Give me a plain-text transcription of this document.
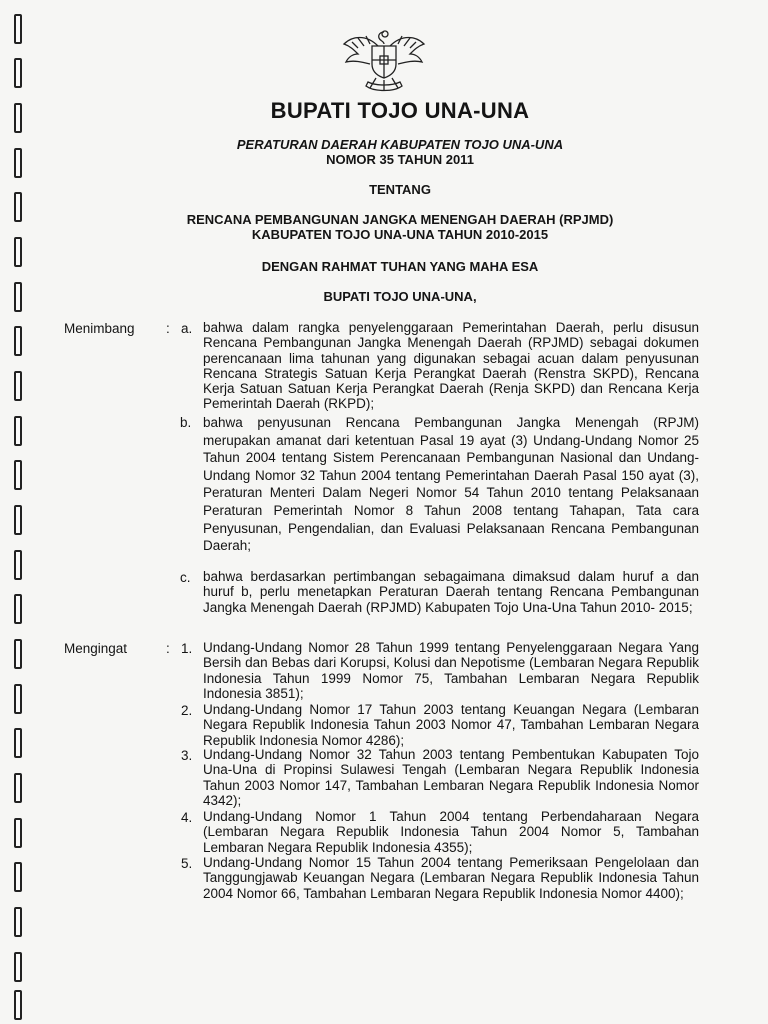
BUPATI TOJO UNA-UNA
PERATURAN DAERAH KABUPATEN TOJO UNA-UNA
NOMOR 35 TAHUN 2011
TENTANG
RENCANA PEMBANGUNAN JANGKA MENENGAH DAERAH (RPJMD)
KABUPATEN TOJO UNA-UNA TAHUN 2010-2015
DENGAN RAHMAT TUHAN YANG MAHA ESA
BUPATI TOJO UNA-UNA,
Menimbang : a. bahwa dalam rangka penyelenggaraan Pemerintahan Daerah, perlu disusun Rencana Pembangunan Jangka Menengah Daerah (RPJMD) sebagai dokumen perencanaan lima tahunan yang digunakan sebagai acuan dalam penyusunan Rencana Strategis Satuan Kerja Perangkat Daerah (Renstra SKPD), Rencana Kerja Satuan Satuan Kerja Perangkat Daerah (Renja SKPD) dan Rencana Kerja Pemerintah Daerah (RKPD);
b. bahwa penyusunan Rencana Pembangunan Jangka Menengah (RPJM) merupakan amanat dari ketentuan Pasal 19 ayat (3) Undang-Undang Nomor 25 Tahun 2004 tentang Sistem Perencanaan Pembangunan Nasional dan Undang-Undang Nomor 32 Tahun 2004 tentang Pemerintahan Daerah Pasal 150 ayat (3), Peraturan Menteri Dalam Negeri Nomor 54 Tahun 2010 tentang Pelaksanaan Peraturan Pemerintah Nomor 8 Tahun 2008 tentang Tahapan, Tata cara Penyusunan, Pengendalian, dan Evaluasi Pelaksanaan Rencana Pembangunan Daerah;
c. bahwa berdasarkan pertimbangan sebagaimana dimaksud dalam huruf a dan huruf b, perlu menetapkan Peraturan Daerah tentang Rencana Pembangunan Jangka Menengah Daerah (RPJMD) Kabupaten Tojo Una-Una Tahun 2010- 2015;
Mengingat	: 1. Undang-Undang Nomor 28 Tahun 1999 tentang Penyelenggaraan Negara Yang Bersih dan Bebas dari Korupsi, Kolusi dan Nepotisme (Lembaran Negara Republik Indonesia Tahun 1999 Nomor 75, Tambahan Lembaran Negara Republik Indonesia 3851);
2. Undang-Undang Nomor 17 Tahun 2003 tentang Keuangan Negara (Lembaran Negara Republik Indonesia Tahun 2003 Nomor 47, Tambahan Lembaran Negara Republik Indonesia Nomor 4286);
3. Undang-Undang Nomor 32 Tahun 2003 tentang Pembentukan Kabupaten Tojo Una-Una di Propinsi Sulawesi Tengah (Lembaran Negara Republik Indonesia Tahun 2003 Nomor 147, Tambahan Lembaran Negara Republik Indonesia Nomor 4342);
4. Undang-Undang Nomor 1 Tahun 2004 tentang Perbendaharaan Negara (Lembaran Negara Republik Indonesia Tahun 2004 Nomor 5, Tambahan Lembaran Negara Republik Indonesia 4355);
5. Undang-Undang Nomor 15 Tahun 2004 tentang Pemeriksaan Pengelolaan dan Tanggungjawab Keuangan Negara (Lembaran Negara Republik Indonesia Tahun 2004 Nomor 66, Tambahan Lembaran Negara Republik Indonesia Nomor 4400);
